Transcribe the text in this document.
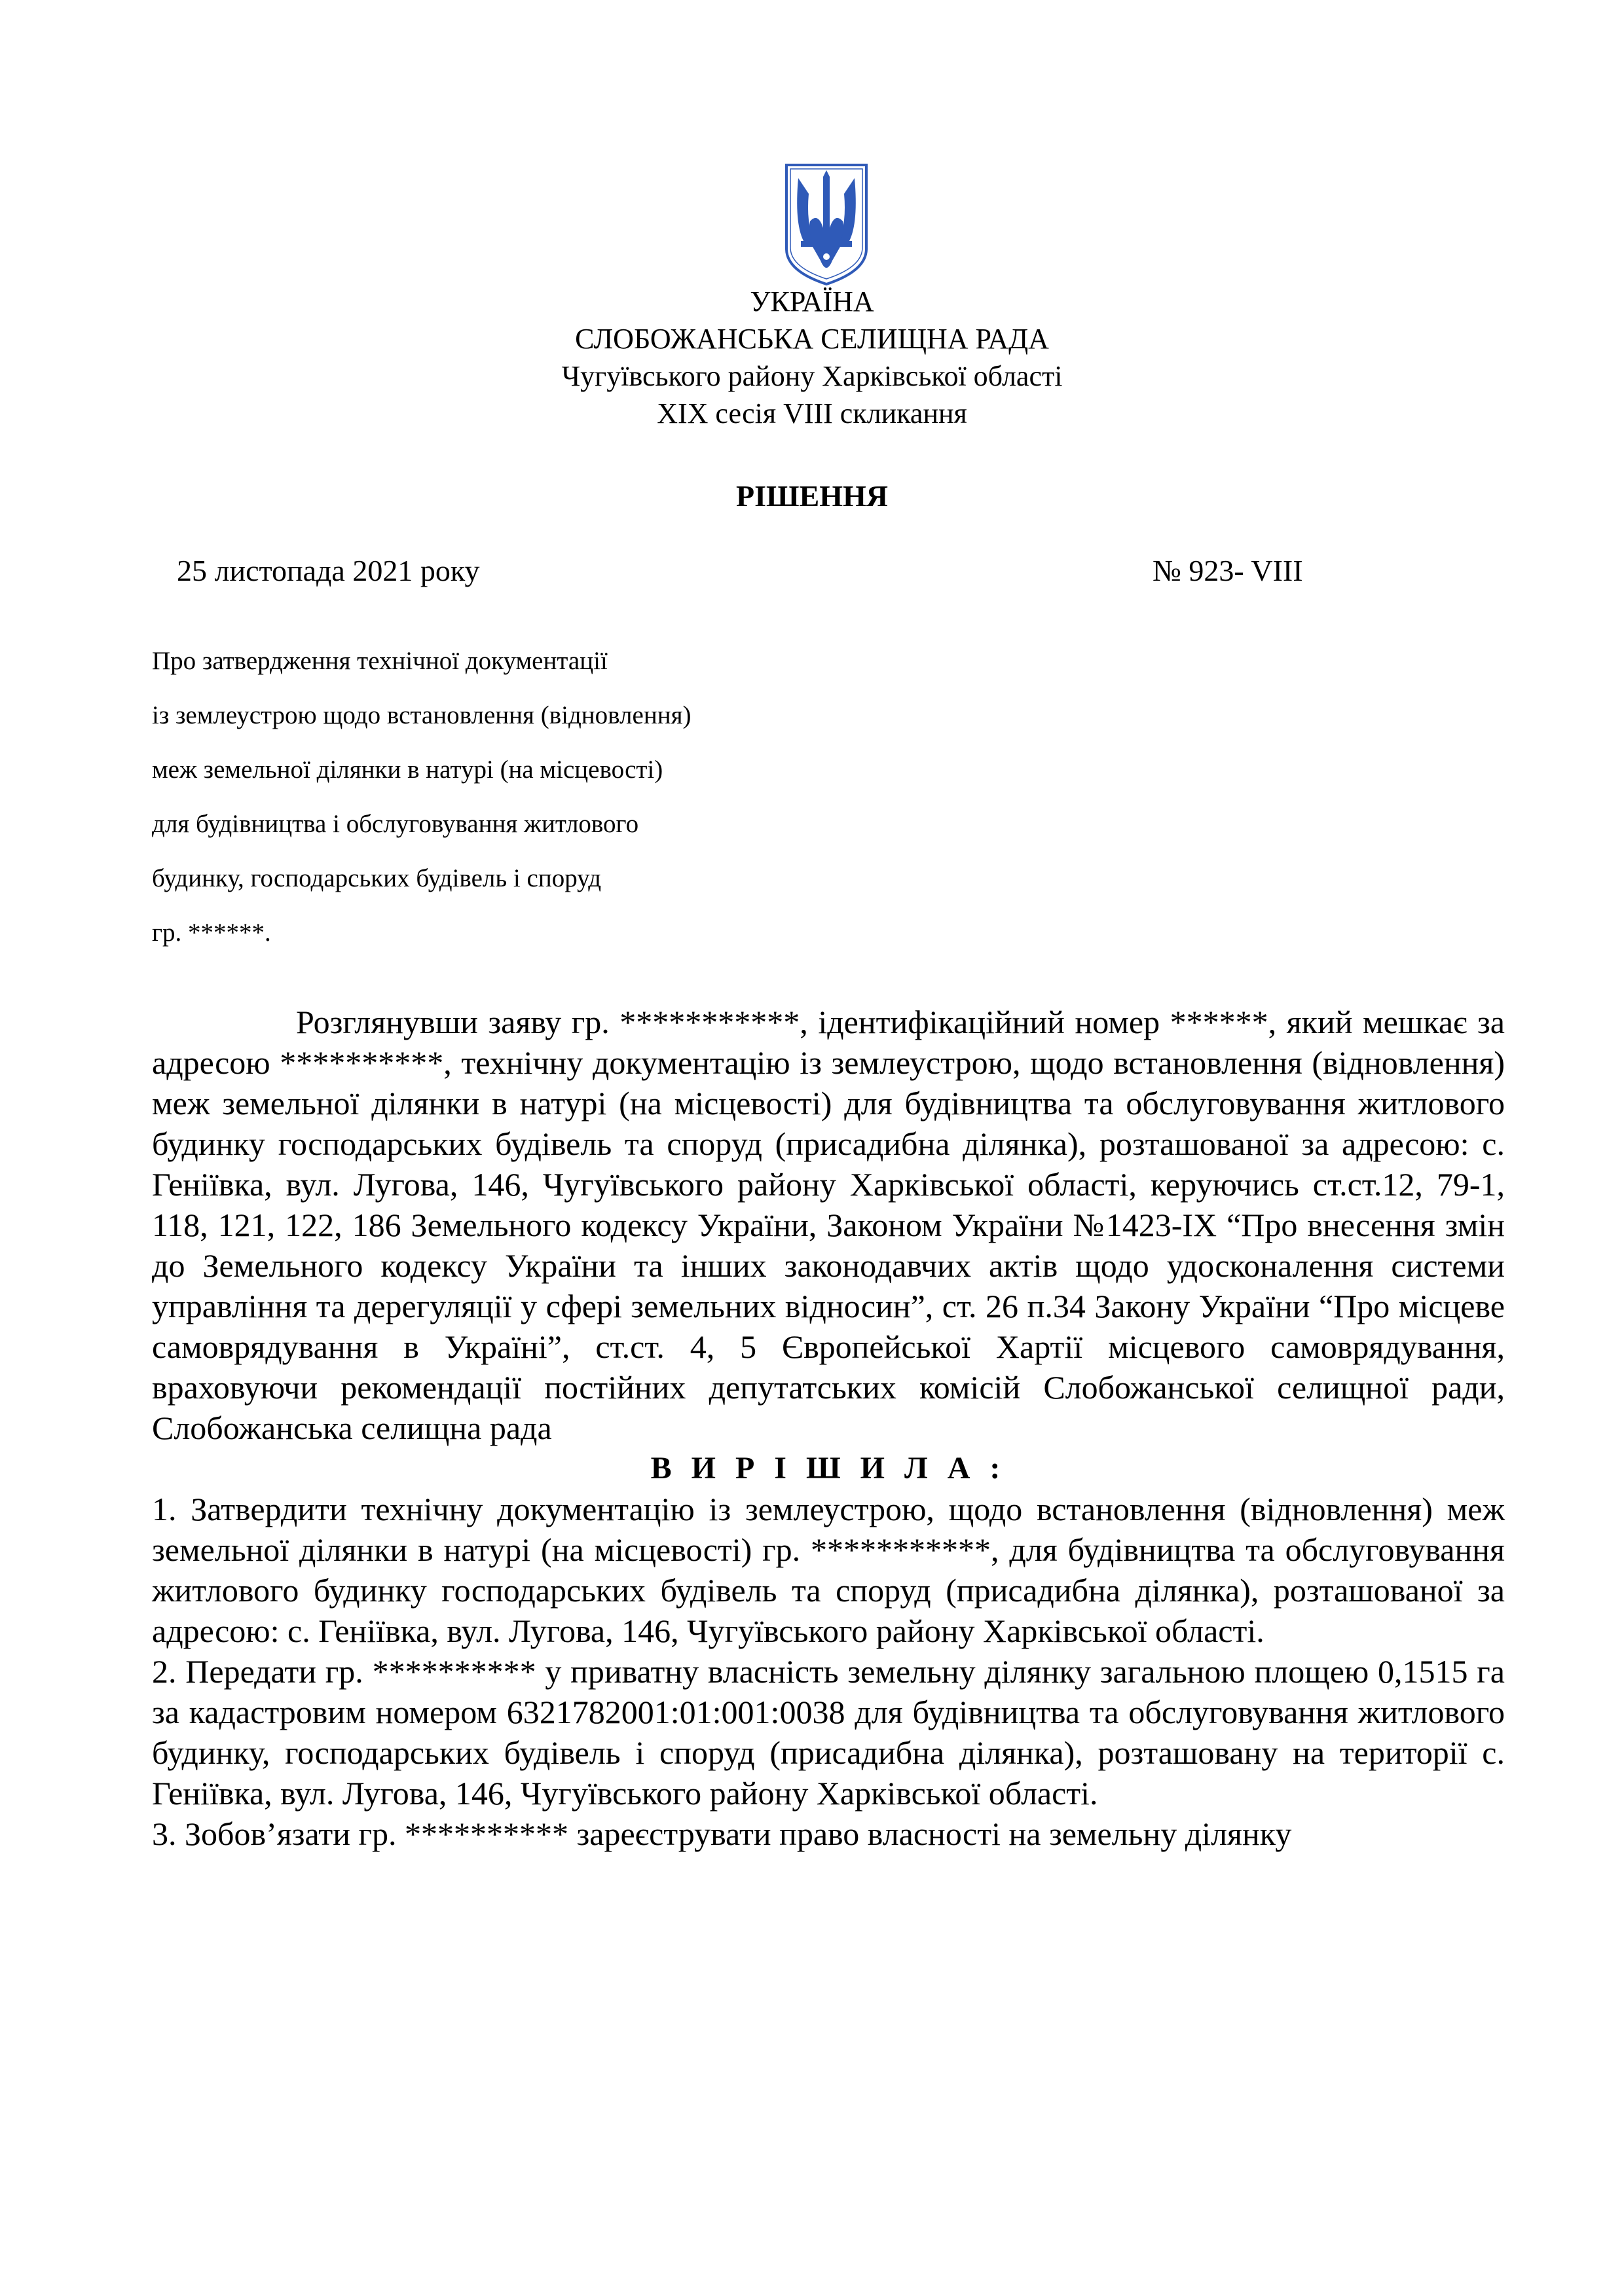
УКРАЇНА
СЛОБОЖАНСЬКА СЕЛИЩНА РАДА
Чугуївського району Харківської області
XIX сесія VIII скликання
РІШЕННЯ
25 листопада 2021 року	№ 923- VIII
Про затвердження технічної документації
із землеустрою щодо встановлення (відновлення)
меж земельної ділянки в натурі (на місцевості)
для будівництва і обслуговування житлового
будинку, господарських будівель і споруд
гр. ******.

Розглянувши заяву гр. ***********, ідентифікаційний номер ******, який мешкає за адресою **********, технічну документацію із землеустрою, щодо встановлення (відновлення) меж земельної ділянки в натурі (на місцевості) для будівництва та обслуговування житлового будинку господарських будівель та споруд (присадибна ділянка), розташованої за адресою: с. Геніївка, вул. Лугова, 146, Чугуївського району Харківської області, керуючись ст.ст.12, 79-1, 118, 121, 122, 186 Земельного кодексу України, Законом України №1423-IX “Про внесення змін до Земельного кодексу України та інших законодавчих актів щодо удосконалення системи управління та дерегуляції у сфері земельних відносин”, ст. 26 п.34 Закону України “Про місцеве самоврядування в Україні”, ст.ст. 4, 5 Європейської Хартії місцевого самоврядування, враховуючи рекомендації постійних депутатських комісій Слобожанської селищної ради, Слобожанська селищна рада

В И Р І Ш И Л А :

1. Затвердити технічну документацію із землеустрою, щодо встановлення (відновлення) меж земельної ділянки в натурі (на місцевості) гр. ***********, для будівництва та обслуговування житлового будинку господарських будівель та споруд (присадибна ділянка), розташованої за адресою: с. Геніївка, вул. Лугова, 146, Чугуївського району Харківської області.

2. Передати гр. ********** у приватну власність земельну ділянку загальною площею 0,1515 га за кадастровим номером 6321782001:01:001:0038 для будівництва та обслуговування житлового будинку, господарських будівель і споруд (присадибна ділянка), розташовану на території с. Геніївка, вул. Лугова, 146, Чугуївського району Харківської області.

3. Зобов’язати гр. ********** зареєструвати право власності на земельну ділянку
